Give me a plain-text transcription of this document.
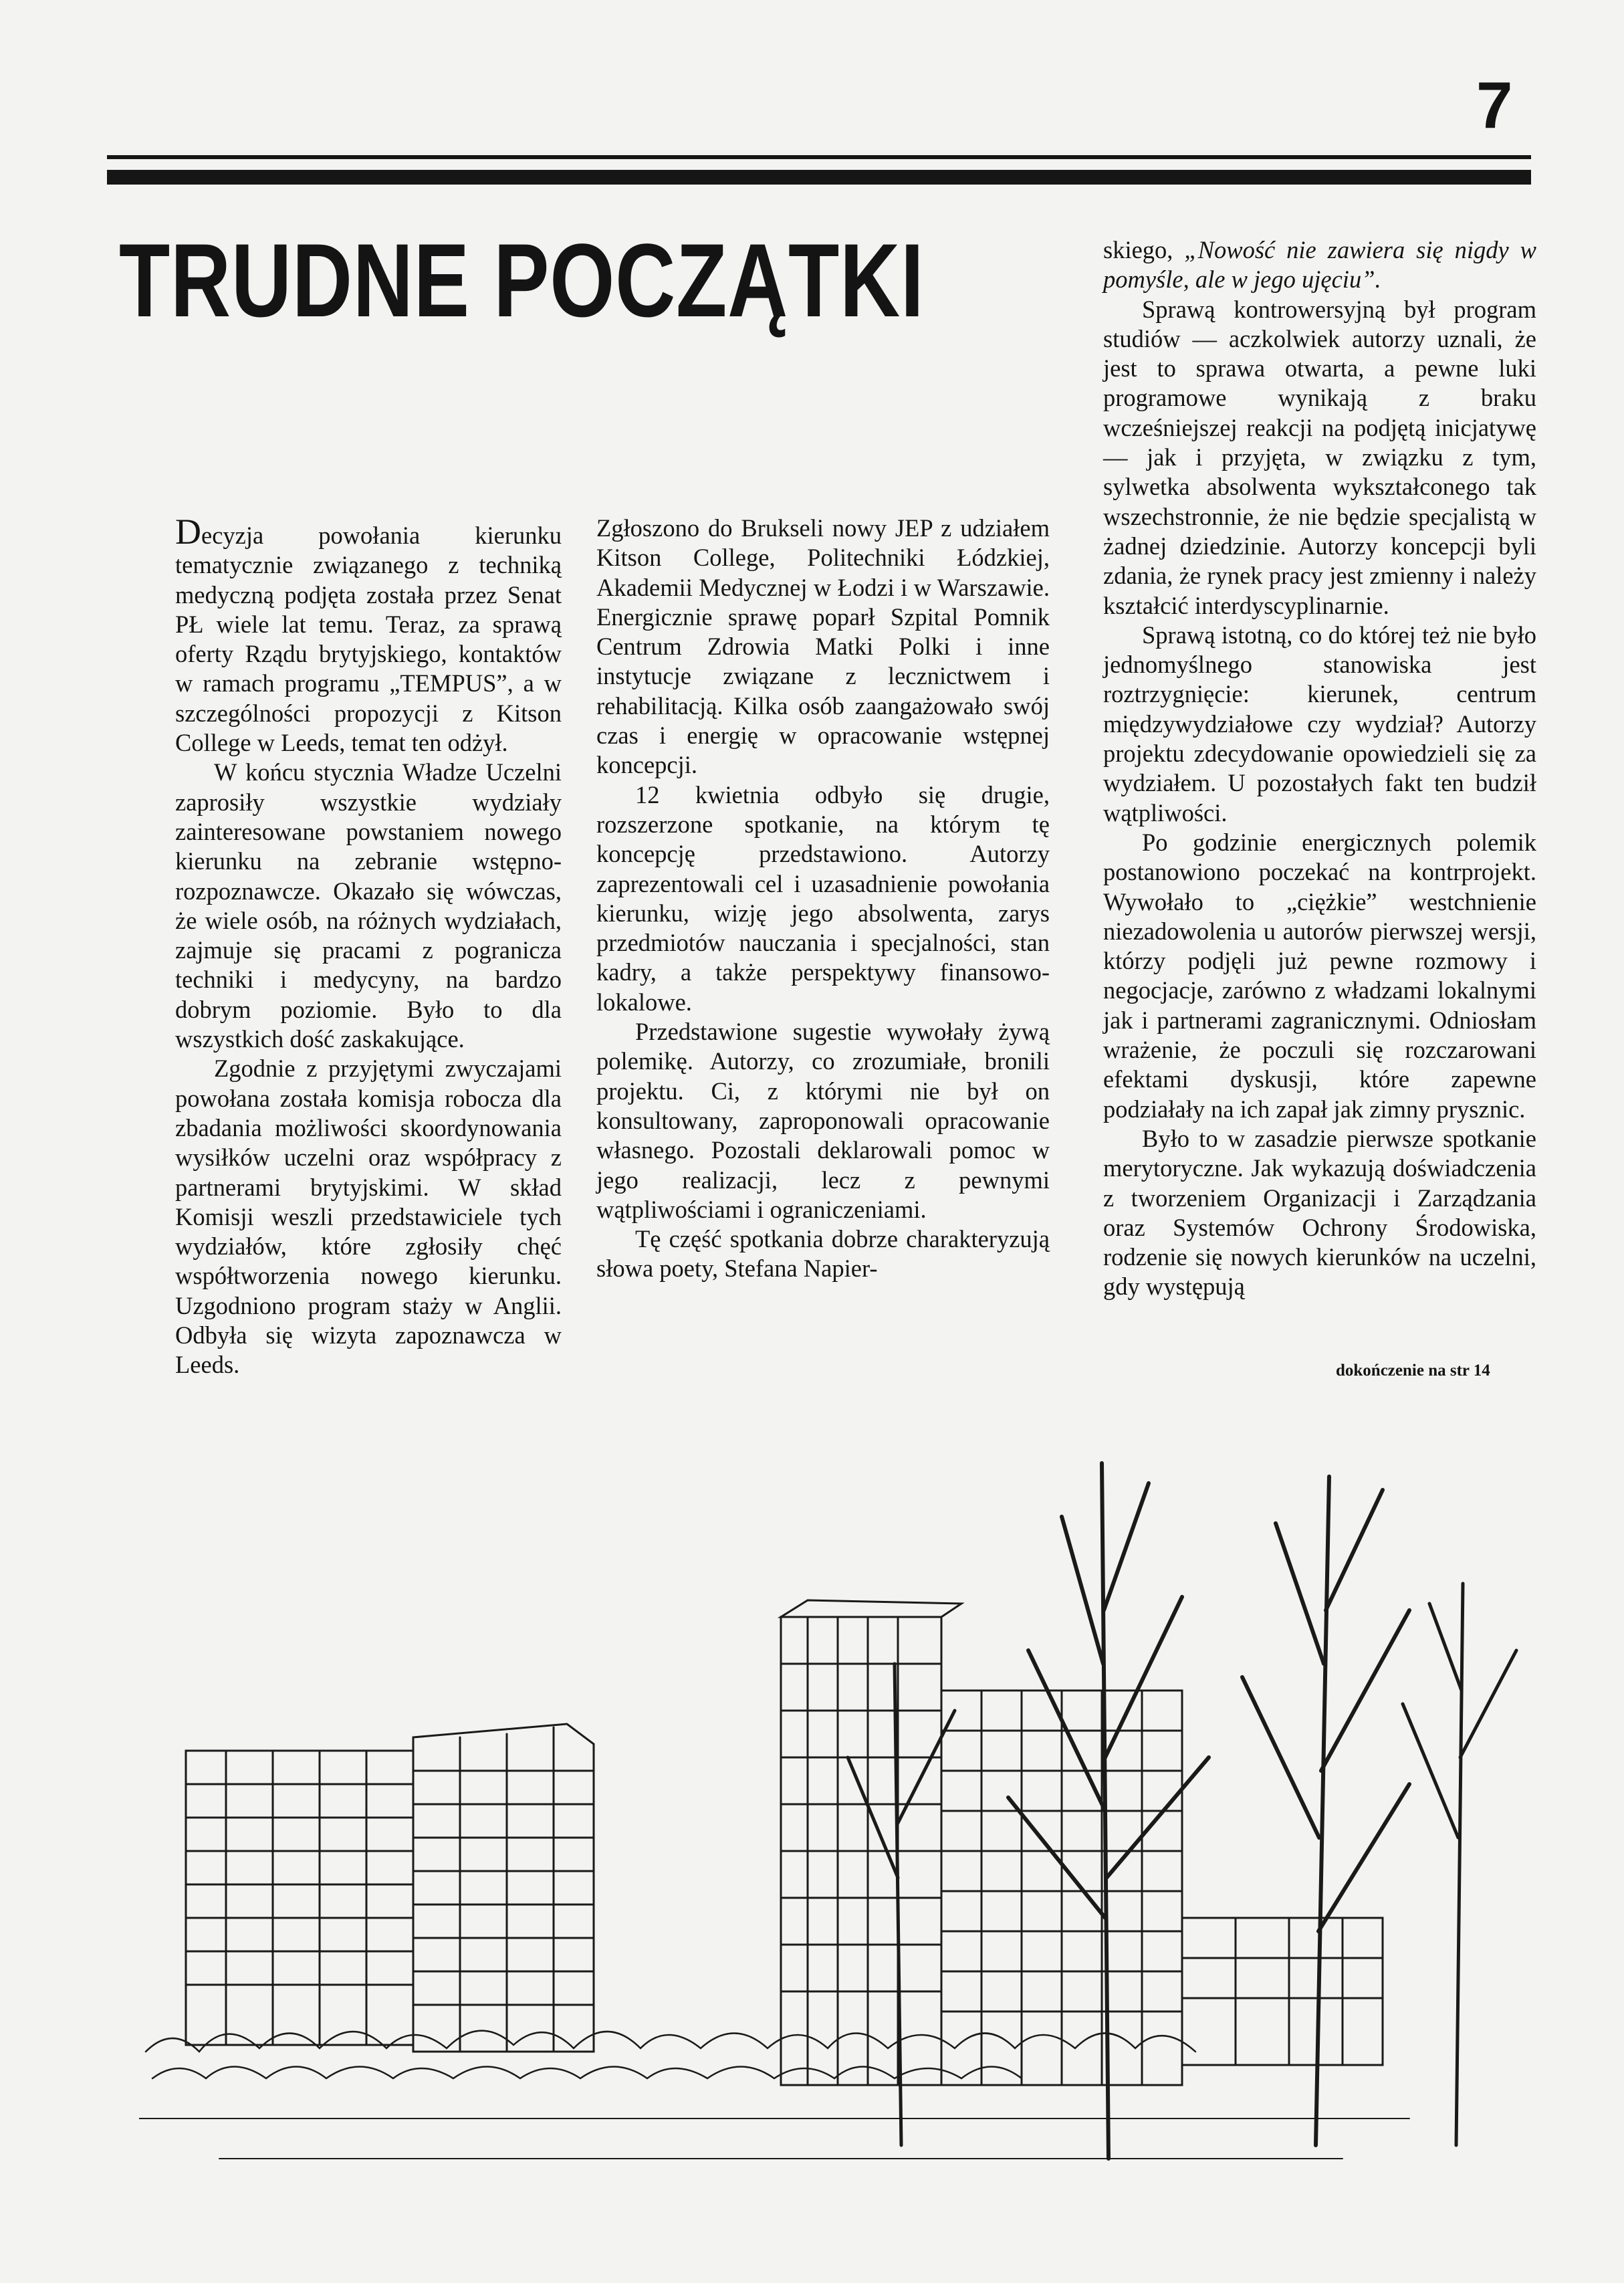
7
TRUDNE POCZĄTKI

Decyzja powołania kierunku tematycznie związanego z techniką medyczną podjęta została przez Senat PŁ wiele lat temu. Teraz, za sprawą oferty Rządu brytyjskiego, kontaktów w ramach programu „TEMPUS”, a w szczególności propozycji z Kitson College w Leeds, temat ten odżył.

W końcu stycznia Władze Uczelni zaprosiły wszystkie wydziały zainteresowane powstaniem nowego kierunku na zebranie wstępno-rozpoznawcze. Okazało się wówczas, że wiele osób, na różnych wydziałach, zajmuje się pracami z pogranicza techniki i medycyny, na bardzo dobrym poziomie. Było to dla wszystkich dość zaskakujące.

Zgodnie z przyjętymi zwyczajami powołana została komisja robocza dla zbadania możliwości skoordynowania wysiłków uczelni oraz współpracy z partnerami brytyjskimi. W skład Komisji weszli przedstawiciele tych wydziałów, które zgłosiły chęć współtworzenia nowego kierunku. Uzgodniono program staży w Anglii. Odbyła się wizyta zapoznawcza w Leeds.

Zgłoszono do Brukseli nowy JEP z udziałem Kitson College, Politechniki Łódzkiej, Akademii Medycznej w Łodzi i w Warszawie. Energicznie sprawę poparł Szpital Pomnik Centrum Zdrowia Matki Polki i inne instytucje związane z lecznictwem i rehabilitacją. Kilka osób zaangażowało swój czas i energię w opracowanie wstępnej koncepcji.

12 kwietnia odbyło się drugie, rozszerzone spotkanie, na którym tę koncepcję przedstawiono. Autorzy zaprezentowali cel i uzasadnienie powołania kierunku, wizję jego absolwenta, zarys przedmiotów nauczania i specjalności, stan kadry, a także perspektywy finansowo-lokalowe.

Przedstawione sugestie wywołały żywą polemikę. Autorzy, co zrozumiałe, bronili projektu. Ci, z którymi nie był on konsultowany, zaproponowali opracowanie własnego. Pozostali deklarowali pomoc w jego realizacji, lecz z pewnymi wątpliwościami i ograniczeniami.

Tę część spotkania dobrze charakteryzują słowa poety, Stefana Napier-

skiego, „Nowość nie zawiera się nigdy w pomyśle, ale w jego ujęciu”.

Sprawą kontrowersyjną był program studiów — aczkolwiek autorzy uznali, że jest to sprawa otwarta, a pewne luki programowe wynikają z braku wcześniejszej reakcji na podjętą inicjatywę — jak i przyjęta, w związku z tym, sylwetka absolwenta wykształconego tak wszechstronnie, że nie będzie specjalistą w żadnej dziedzinie. Autorzy koncepcji byli zdania, że rynek pracy jest zmienny i należy kształcić interdyscyplinarnie.

Sprawą istotną, co do której też nie było jednomyślnego stanowiska jest roztrzygnięcie: kierunek, centrum międzywydziałowe czy wydział? Autorzy projektu zdecydowanie opowiedzieli się za wydziałem. U pozostałych fakt ten budził wątpliwości.

Po godzinie energicznych polemik postanowiono poczekać na kontrprojekt. Wywołało to „ciężkie” westchnienie niezadowolenia u autorów pierwszej wersji, którzy podjęli już pewne rozmowy i negocjacje, zarówno z władzami lokalnymi jak i partnerami zagranicznymi. Odniosłam wrażenie, że poczuli się rozczarowani efektami dyskusji, które zapewne podziałały na ich zapał jak zimny prysznic.

Było to w zasadzie pierwsze spotkanie merytoryczne. Jak wykazują doświadczenia z tworzeniem Organizacji i Zarządzania oraz Systemów Ochrony Środowiska, rodzenie się nowych kierunków na uczelni, gdy występują

dokończenie na str 14
